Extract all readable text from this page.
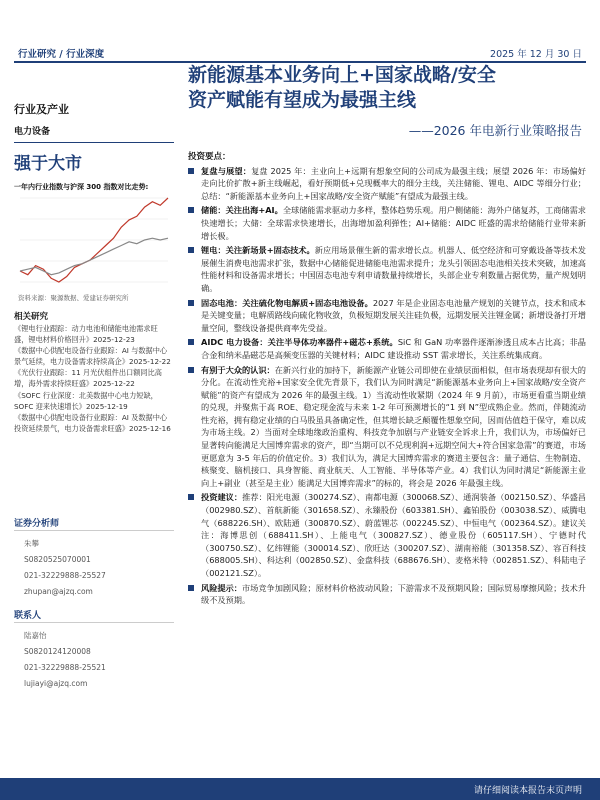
行业研究 / 行业深度	2025 年 12 月 30 日
新能源基本业务向上+国家战略/安全
资产赋能有望成为最强主线
——2026 年电新行业策略报告
行业及产业
电力设备
强于大市
一年内行业指数与沪深 300 指数对比走势:
资料来源：聚源数据、爱建证券研究所
相关研究
《锂电行业跟踪：动力电池和储能电池需求旺盛，锂电材料价格回升》2025-12-23
《数据中心供配电设备行业跟踪：AI 与数据中心景气延续，电力设备需求持续高企》2025-12-22
《光伏行业跟踪：11 月光伏组件出口额同比高增，海外需求持续旺盛》2025-12-22
《SOFC 行业深度：北美数据中心电力短缺，SOFC 迎来快速增长》2025-12-19
《数据中心供配电设备行业跟踪：AI 及数据中心投资延续景气，电力设备需求旺盛》2025-12-16
证券分析师
朱攀
S0820525070001
021-32229888-25527
zhupan@ajzq.com
联系人
陆嘉怡
S0820124120008
021-32229888-25521
lujiayi@ajzq.com
投资要点：
复盘与展望：复盘 2025 年：主业向上+远期有想象空间的公司成为最强主线；展望 2026 年：市场偏好走向比价扩散+新主线崛起，看好预期低+兑现概率大的细分主线，关注储能、锂电、AIDC 等细分行业；总结：“新能源基本业务向上+国家战略/安全资产赋能”有望成为最强主线。
储能：关注出海+AI。全球储能需求驱动力多样，整体趋势乐观。用户侧储能：海外户储复苏，工商储需求快速增长；大储：全球需求快速增长，出海增加盈利弹性；AI+储能：AIDC 旺盛的需求给储能行业带来新增长极。
锂电：关注新场景+固态技术。新应用场景催生新的需求增长点。机器人、低空经济和可穿戴设备等技术发展催生消费电池需求扩张，数据中心储能促进储能电池需求提升；龙头引领固态电池相关技术突破，加速高性能材料和设备需求增长；中国固态电池专利申请数量持续增长，头部企业专利数量占据优势，量产规划明确。
固态电池：关注硫化物电解质+固态电池设备。2027 年是企业固态电池量产规划的关键节点，技术和成本是关键变量；电解质路线向硫化物收敛，负极短期发展关注硅负极，远期发展关注锂金属；新增设备打开增量空间，整线设备提供商率先受益。
AIDC 电力设备：关注半导体功率器件+磁芯+系统。SiC 和 GaN 功率器件逐渐渗透且成本占比高；非晶合金和纳米晶磁芯是高频变压器的关键材料；AIDC 建设推动 SST 需求增长，关注系统集成商。
有别于大众的认识：在新兴行业的加持下，新能源产业链公司即使在业绩层面相似，但市场表现却有很大的分化。在流动性充裕+国家安全优先背景下，我们认为同时满足“新能源基本业务向上+国家战略/安全资产赋能”的资产有望成为 2026 年的最强主线。1）当流动性收紧期（2024 年 9 月前），市场更看重当期业绩的兑现，并聚焦于高 ROE、稳定现金流与未来 1-2 年可预测增长的“1 到 N”型成熟企业。然而，伴随流动性充裕，拥有稳定业绩的白马股虽具备确定性，但其增长缺乏颠覆性想象空间，因而估值趋于保守，难以成为市场主线。2）当面对全球地缘政治重构、科技竞争加剧与产业链安全诉求上升，我们认为，市场偏好已显著转向能满足大国博弈需求的资产，即“当期可以不兑现利润+远期空间大+符合国家急需”的赛道，市场更愿意为 3-5 年后的价值定价。3）我们认为，满足大国博弈需求的赛道主要包含：量子通信、生物制造、核聚变、脑机接口、具身智能、商业航天、人工智能、半导体等产业。4）我们认为同时满足“新能源主业向上+副业（甚至是主业）能满足大国博弈需求”的标的，将会是 2026 年最强主线。
投资建议：推荐：阳光电源（300274.SZ）、南都电源（300068.SZ）、通润装备（002150.SZ）、华盛昌（002980.SZ）、首航新能（301658.SZ）、永臻股份（603381.SH）、鑫铂股份（003038.SZ）、威腾电气（688226.SH）、欧陆通（300870.SZ）、蔚蓝锂芯（002245.SZ）、中恒电气（002364.SZ）。建议关注：海博思创（688411.SH）、上能电气（300827.SZ）、德业股份（605117.SH）、宁德时代（300750.SZ）、亿纬锂能（300014.SZ）、欣旺达（300207.SZ）、湖南裕能（301358.SZ）、容百科技（688005.SH）、科达利（002850.SZ）、金盘科技（688676.SH）、麦格米特（002851.SZ）、科陆电子（002121.SZ）。
风险提示：市场竞争加剧风险；原材料价格波动风险；下游需求不及预期风险；国际贸易摩擦风险；技术升级不及预期。
请仔细阅读本报告末页声明
